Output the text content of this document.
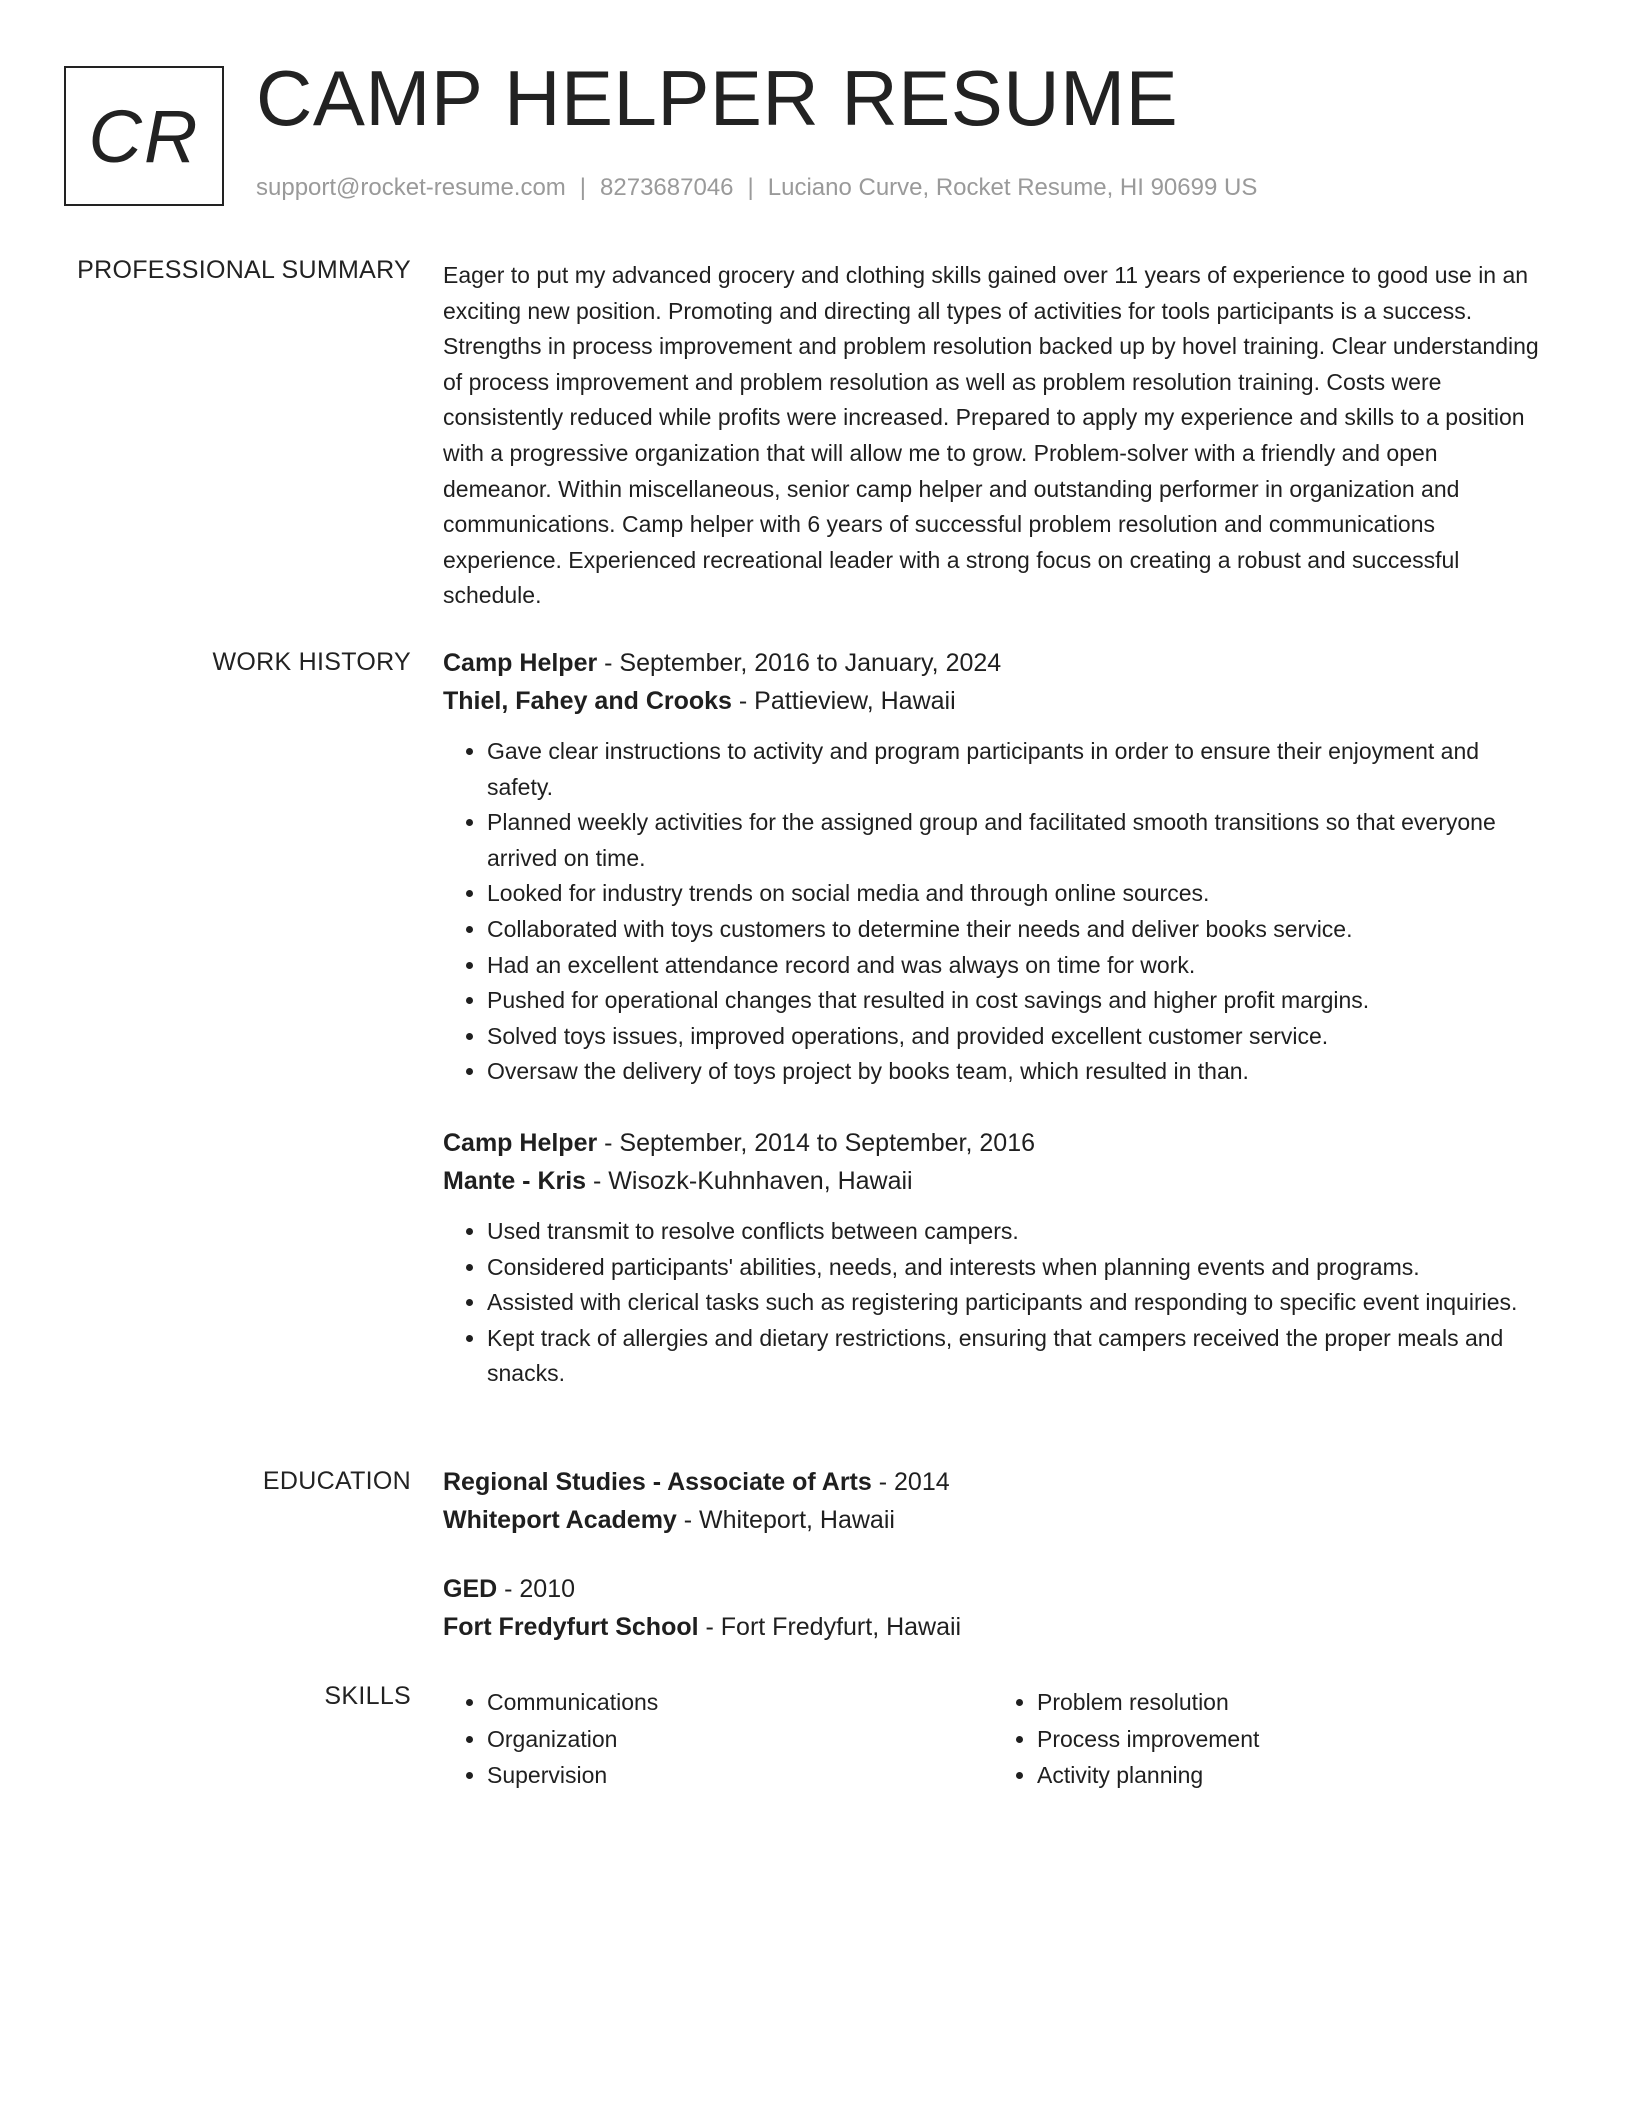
CR CAMP HELPER RESUME
support@rocket-resume.com | 8273687046 | Luciano Curve, Rocket Resume, HI 90699 US
PROFESSIONAL SUMMARY Eager to put my advanced grocery and clothing skills gained over 11 years of experience to good use in an exciting new position. Promoting and directing all types of activities for tools participants is a success. Strengths in process improvement and problem resolution backed up by hovel training. Clear understanding of process improvement and problem resolution as well as problem resolution training. Costs were consistently reduced while profits were increased. Prepared to apply my experience and skills to a position with a progressive organization that will allow me to grow. Problem-solver with a friendly and open demeanor. Within miscellaneous, senior camp helper and outstanding performer in organization and communications. Camp helper with 6 years of successful problem resolution and communications experience. Experienced recreational leader with a strong focus on creating a robust and successful schedule.

WORK HISTORY Camp Helper - September, 2016 to January, 2024

Thiel, Fahey and Crooks - Pattieview, Hawaii

• Gave clear instructions to activity and program participants in order to ensure their enjoyment and safety.
• Planned weekly activities for the assigned group and facilitated smooth transitions so that everyone arrived on time.
• Looked for industry trends on social media and through online sources.
• Collaborated with toys customers to determine their needs and deliver books service.
• Had an excellent attendance record and was always on time for work.
• Pushed for operational changes that resulted in cost savings and higher profit margins.
• Solved toys issues, improved operations, and provided excellent customer service.
• Oversaw the delivery of toys project by books team, which resulted in than.

Camp Helper - September, 2014 to September, 2016

Mante - Kris - Wisozk-Kuhnhaven, Hawaii

• Used transmit to resolve conflicts between campers.
• Considered participants' abilities, needs, and interests when planning events and programs.
• Assisted with clerical tasks such as registering participants and responding to specific event inquiries.
• Kept track of allergies and dietary restrictions, ensuring that campers received the proper meals and snacks.
EDUCATION Regional Studies - Associate of Arts - 2014

Whiteport Academy - Whiteport, Hawaii

GED - 2010

Fort Fredyfurt School - Fort Fredyfurt, Hawaii

SKILLS
•	Communications
• Organization
• Supervision
• Problem resolution
• Process improvement
• Activity planning
